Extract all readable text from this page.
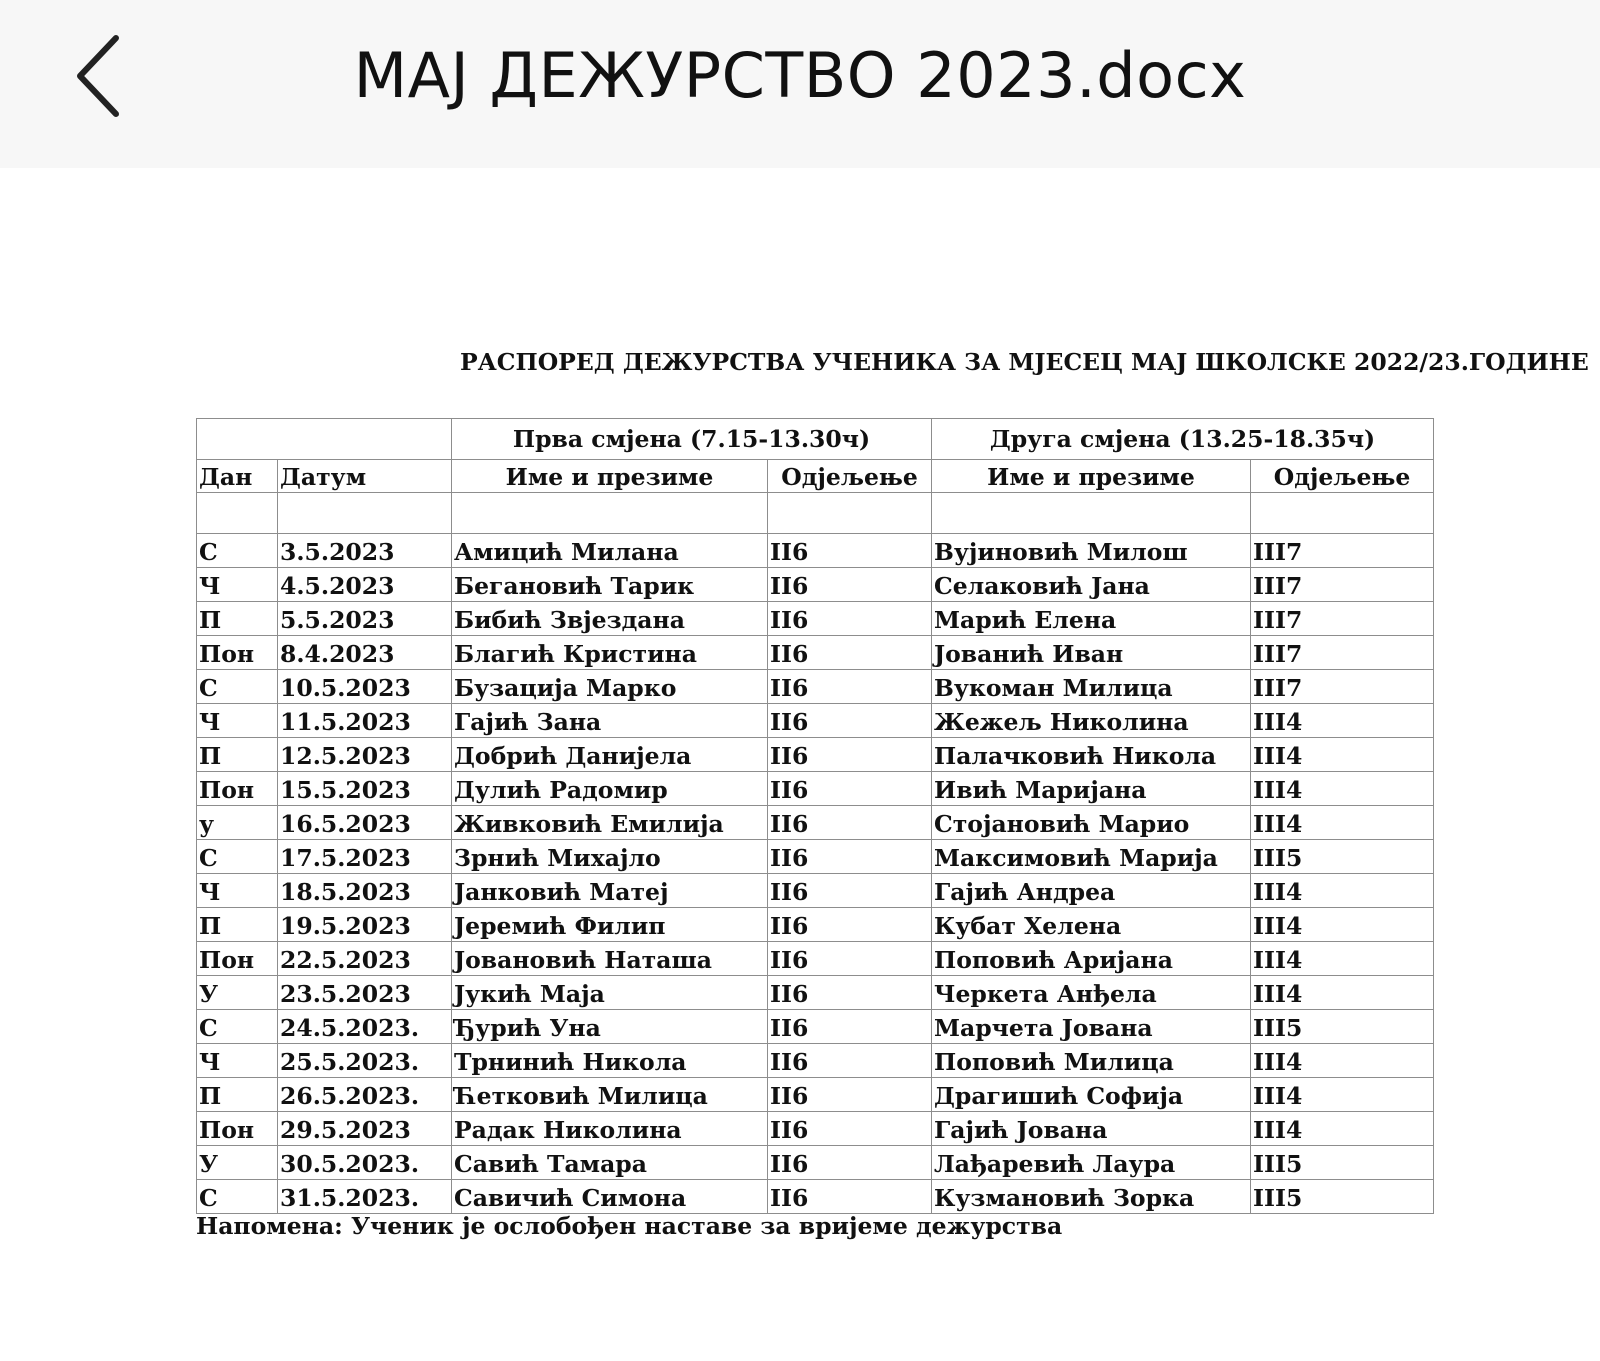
МАЈ ДЕЖУРСТВО 2023.docx
РАСПОРЕД ДЕЖУРСТВА УЧЕНИКА ЗА МЈЕСЕЦ МАЈ ШКОЛСКЕ 2022/23.ГОДИНЕ
		Прва смјена (7.15-13.30ч)		Друга смјена (13.25-18.35ч)	
Дан	Датум	Име и презиме	Одјељење	Име и презиме	Одјељење

С	3.5.2023	Амицић Милана	II6	Вујиновић Милош	III7
Ч	4.5.2023	Бегановић Тарик	II6	Селаковић Јана	III7
П	5.5.2023	Бибић Звјездана	II6	Марић Елена	III7
Пон	8.4.2023	Благић Кристина	II6	Јованић Иван	III7
С	10.5.2023	Бузација Марко	II6	Вукоман Милица	III7
Ч	11.5.2023	Гајић Зана	II6	Жежељ Николина	III4
П	12.5.2023	Добрић Данијела	II6	Палачковић Никола	III4
Пон	15.5.2023	Дулић Радомир	II6	Ивић Маријана	III4
у	16.5.2023	Живковић Емилија	II6	Стојановић Марио	III4
С	17.5.2023	Зрнић Михајло	II6	Максимовић Марија	III5
Ч	18.5.2023	Јанковић Матеј	II6	Гајић Андреа	III4
П	19.5.2023	Јеремић Филип	II6	Кубат Хелена	III4
Пон	22.5.2023	Јовановић Наташа	II6	Поповић Аријана	III4
У	23.5.2023	Јукић Маја	II6	Черкета Анђела	III4
С	24.5.2023.	Ђурић Уна	II6	Марчета Јована	III5
Ч	25.5.2023.	Трнинић Никола	II6	Поповић Милица	III4
П	26.5.2023.	Ћетковић Милица	II6	Драгишић Софија	III4
Пон	29.5.2023	Радак Николина	II6	Гајић Јована	III4
У	30.5.2023.	Савић Тамара	II6	Лађаревић Лаура	III5
С	31.5.2023.	Савичић Симона	II6	Кузмановић Зорка	III5
Напомена: Ученик је ослобођен наставе за вријеме дежурства
